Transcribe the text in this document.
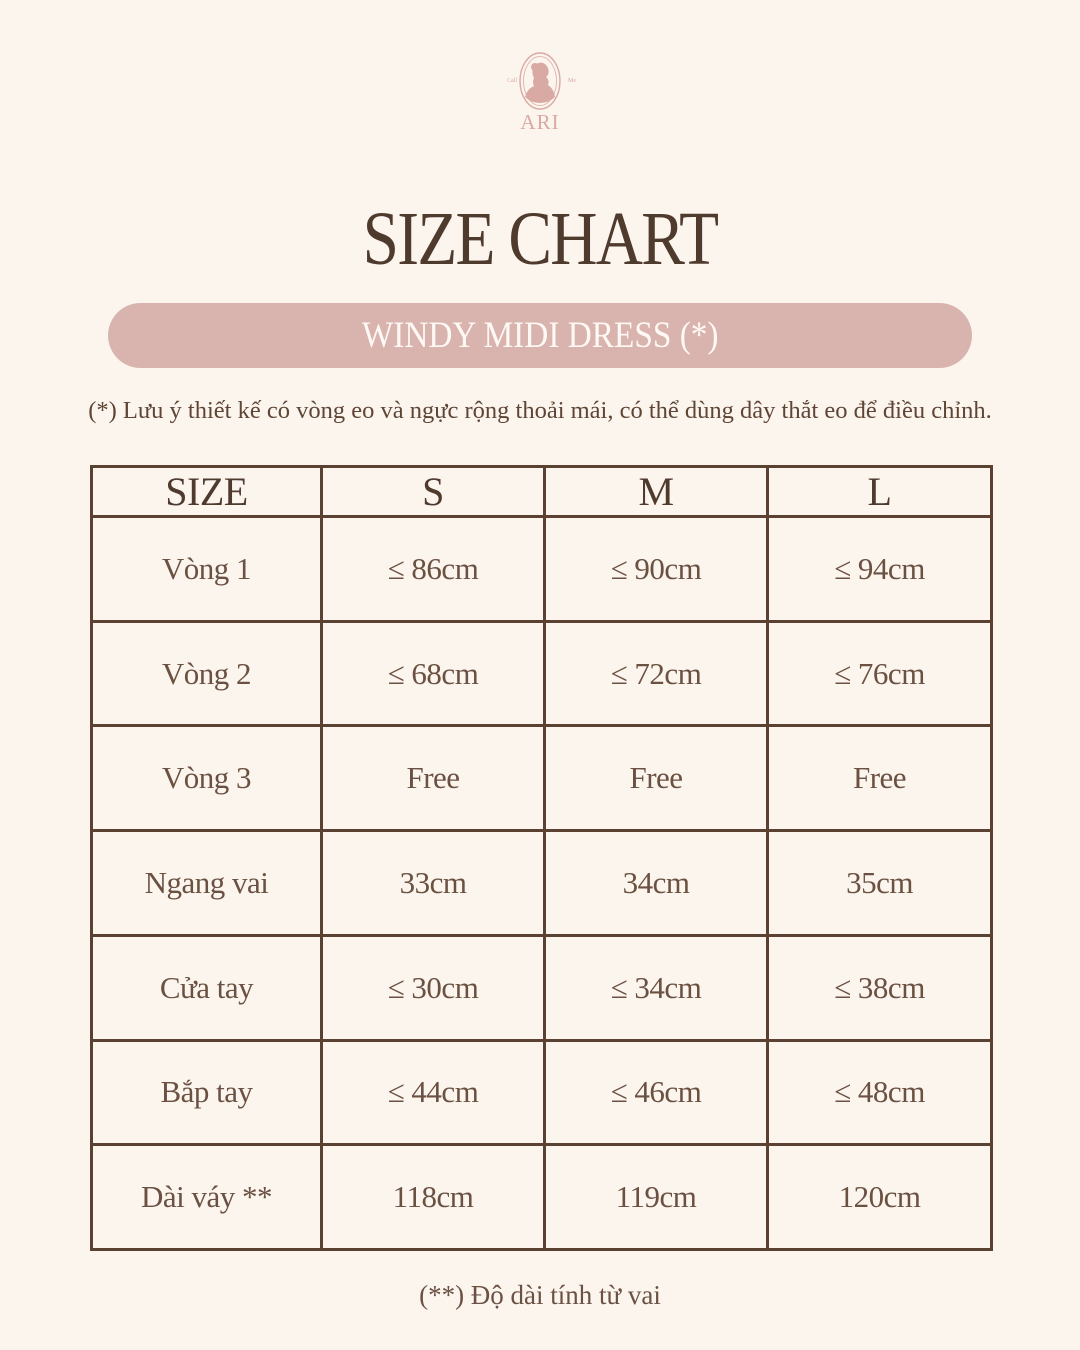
Call	Me
ARI
SIZE CHART
WINDY MIDI DRESS (*)
(*) Lưu ý thiết kế có vòng eo và ngực rộng thoải mái, có thể dùng dây thắt eo để điều chỉnh.
SIZE	S	M	L
Vòng 1	≤ 86cm	≤ 90cm	≤ 94cm
Vòng 2	≤ 68cm	≤ 72cm	≤ 76cm
Vòng 3	Free	Free	Free
Ngang vai	33cm	34cm	35cm
Cửa tay	≤ 30cm	≤ 34cm	≤ 38cm
Bắp tay	≤ 44cm	≤ 46cm	≤ 48cm
Dài váy **	118cm	119cm	120cm
(**) Độ dài tính từ vai
